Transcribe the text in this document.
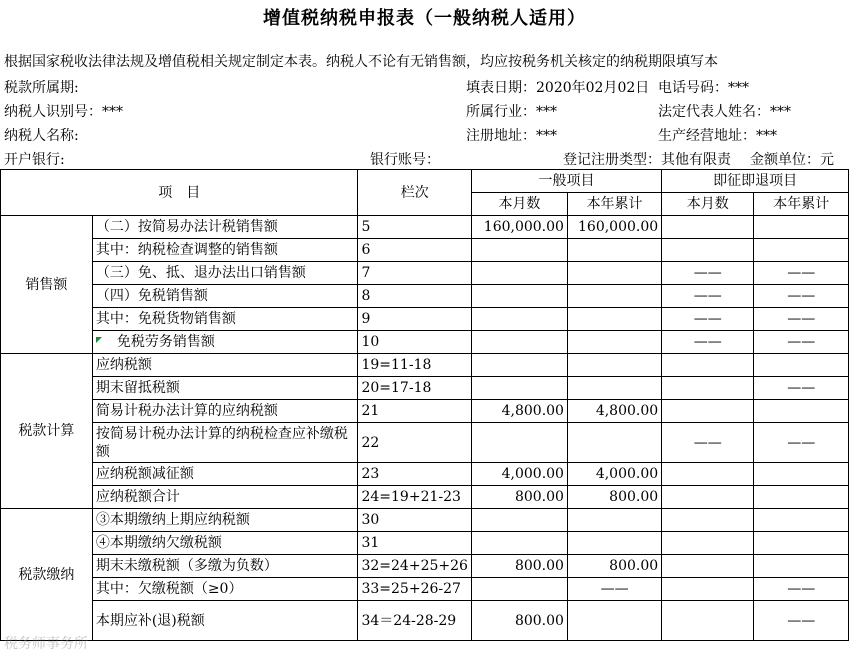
增值税纳税申报表（一般纳税人适用）
根据国家税收法律法规及增值税相关规定制定本表。纳税人不论有无销售额，均应按税务机关核定的纳税期限填写本
税款所属期:	填表日期：2020年02月02日 电话号码：***
纳税人识别号：***	所属行业：***	法定代表人姓名：***
纳税人名称:	注册地址：***	生产经营地址：***
开户银行:	银行账号：	登记注册类型：其他有限责 金额单位：元
项　目		栏次	一般项目		即征即退项目	
			本月数	本年累计	本月数	本年累计
销售额	（二）按简易办法计税销售额	5	160,000.00	160,000.00		
	其中：纳税检查调整的销售额	6				
	（三）免、抵、退办法出口销售额	7			——	——
	（四）免税销售额	8			——	——
	其中：免税货物销售额	9			——	——
	免税劳务销售额	10			——	——
税款计算	应纳税额	19=11-18				
	期末留抵税额	20=17-18				——
	简易计税办法计算的应纳税额	21	4,800.00	4,800.00		
	按简易计税办法计算的纳税检查应补缴税额	22			——	——
	应纳税额减征额	23	4,000.00	4,000.00		
	应纳税额合计	24=19+21-23	800.00	800.00		
税款缴纳	③本期缴纳上期应纳税额	30				
	④本期缴纳欠缴税额	31				
	期末未缴税额（多缴为负数）	32=24+25+26	800.00	800.00		
	其中：欠缴税额（≥0）	33=25+26-27		——		——
	本期应补(退)税额	34＝24-28-29	800.00			——
税务师事务所
